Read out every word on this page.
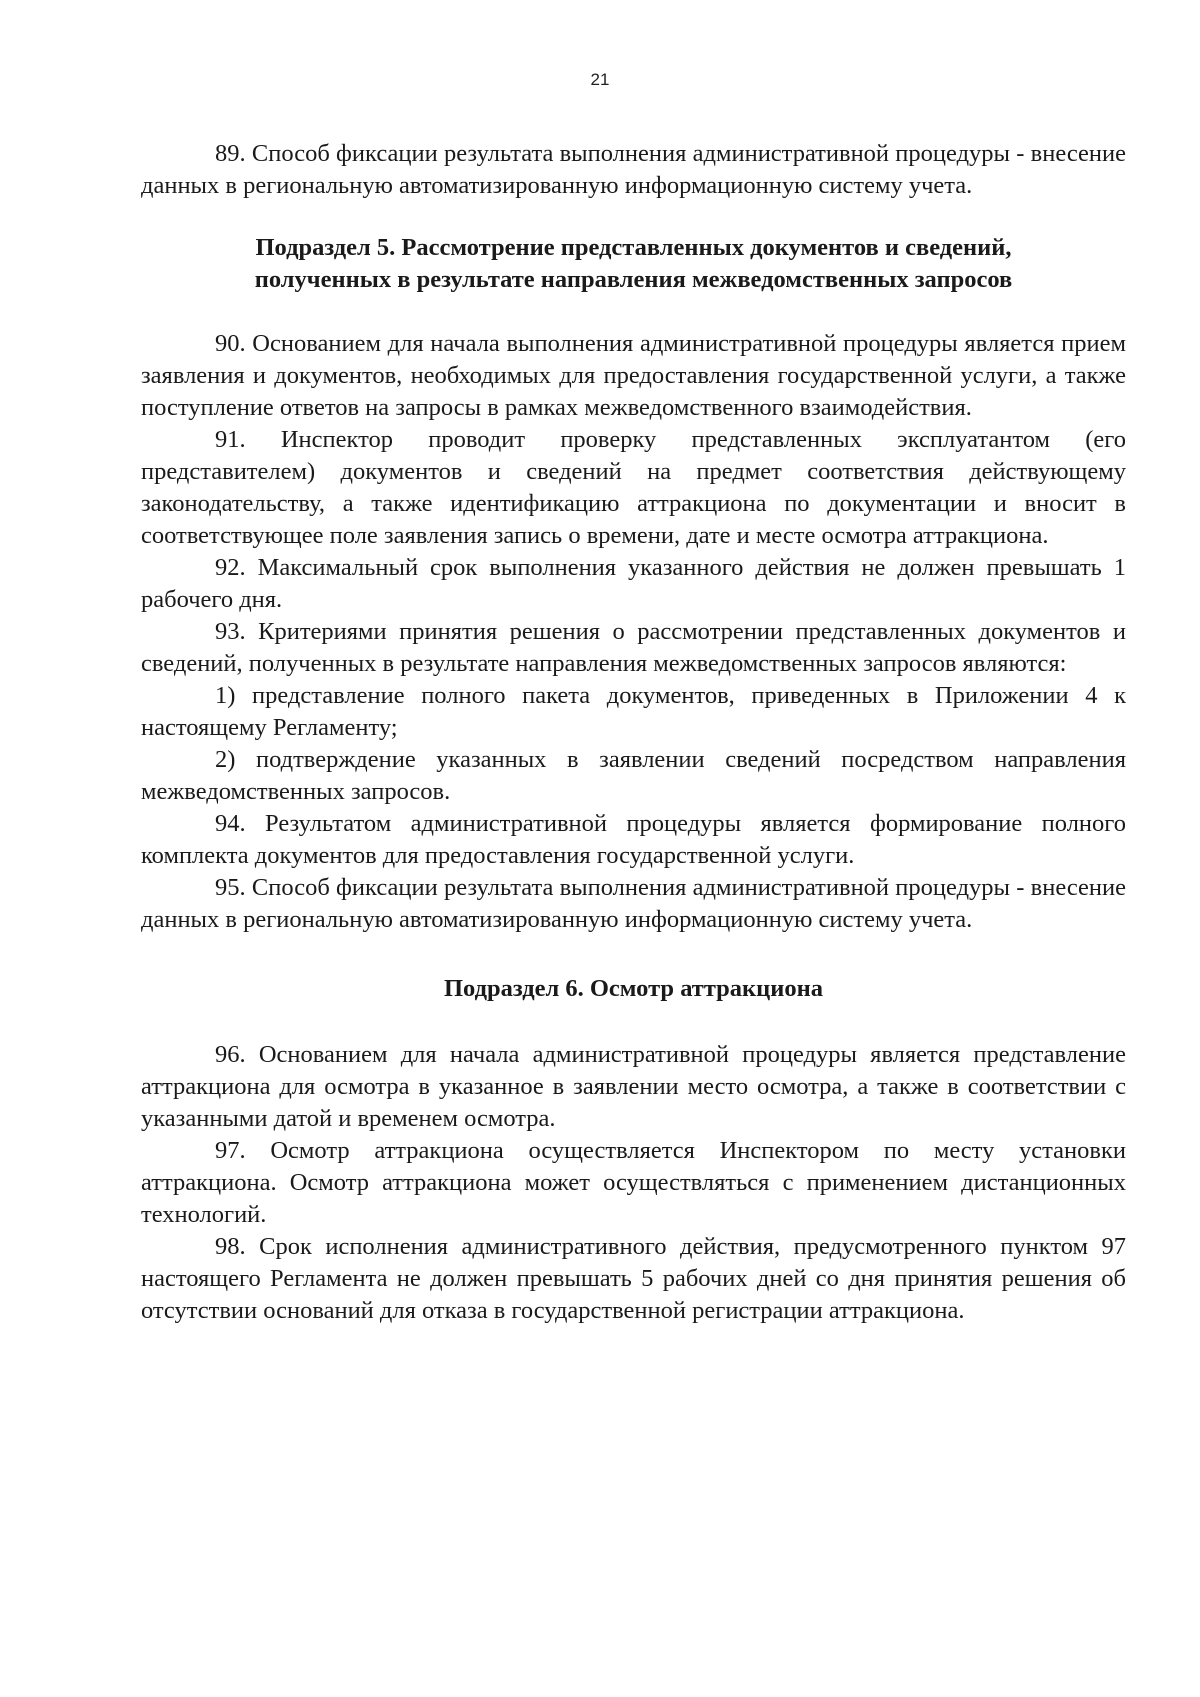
21

89. Способ фиксации результата выполнения административной процедуры - внесение данных в региональную автоматизированную информационную систему учета.

Подраздел 5. Рассмотрение представленных документов и сведений,
полученных в результате направления межведомственных запросов

90. Основанием для начала выполнения административной процедуры является прием заявления и документов, необходимых для предоставления государственной услуги, а также поступление ответов на запросы в рамках межведомственного взаимодействия.

91. Инспектор проводит проверку представленных эксплуатантом (его представителем) документов и сведений на предмет соответствия действующему законодательству, а также идентификацию аттракциона по документации и вносит в соответствующее поле заявления запись о времени, дате и месте осмотра аттракциона.

92. Максимальный срок выполнения указанного действия не должен превышать 1 рабочего дня.

93. Критериями принятия решения о рассмотрении представленных документов и сведений, полученных в результате направления межведомственных запросов являются:

1) представление полного пакета документов, приведенных в Приложении 4 к настоящему Регламенту;

2) подтверждение указанных в заявлении сведений посредством направления межведомственных запросов.

94. Результатом административной процедуры является формирование полного комплекта документов для предоставления государственной услуги.

95. Способ фиксации результата выполнения административной процедуры - внесение данных в региональную автоматизированную информационную систему учета.

Подраздел 6. Осмотр аттракциона

96. Основанием для начала административной процедуры является представление аттракциона для осмотра в указанное в заявлении место осмотра, а также в соответствии с указанными датой и временем осмотра.

97. Осмотр аттракциона осуществляется Инспектором по месту установки аттракциона. Осмотр аттракциона может осуществляться с применением дистанционных технологий.

98. Срок исполнения административного действия, предусмотренного пунктом 97 настоящего Регламента не должен превышать 5 рабочих дней со дня принятия решения об отсутствии оснований для отказа в государственной регистрации аттракциона.
